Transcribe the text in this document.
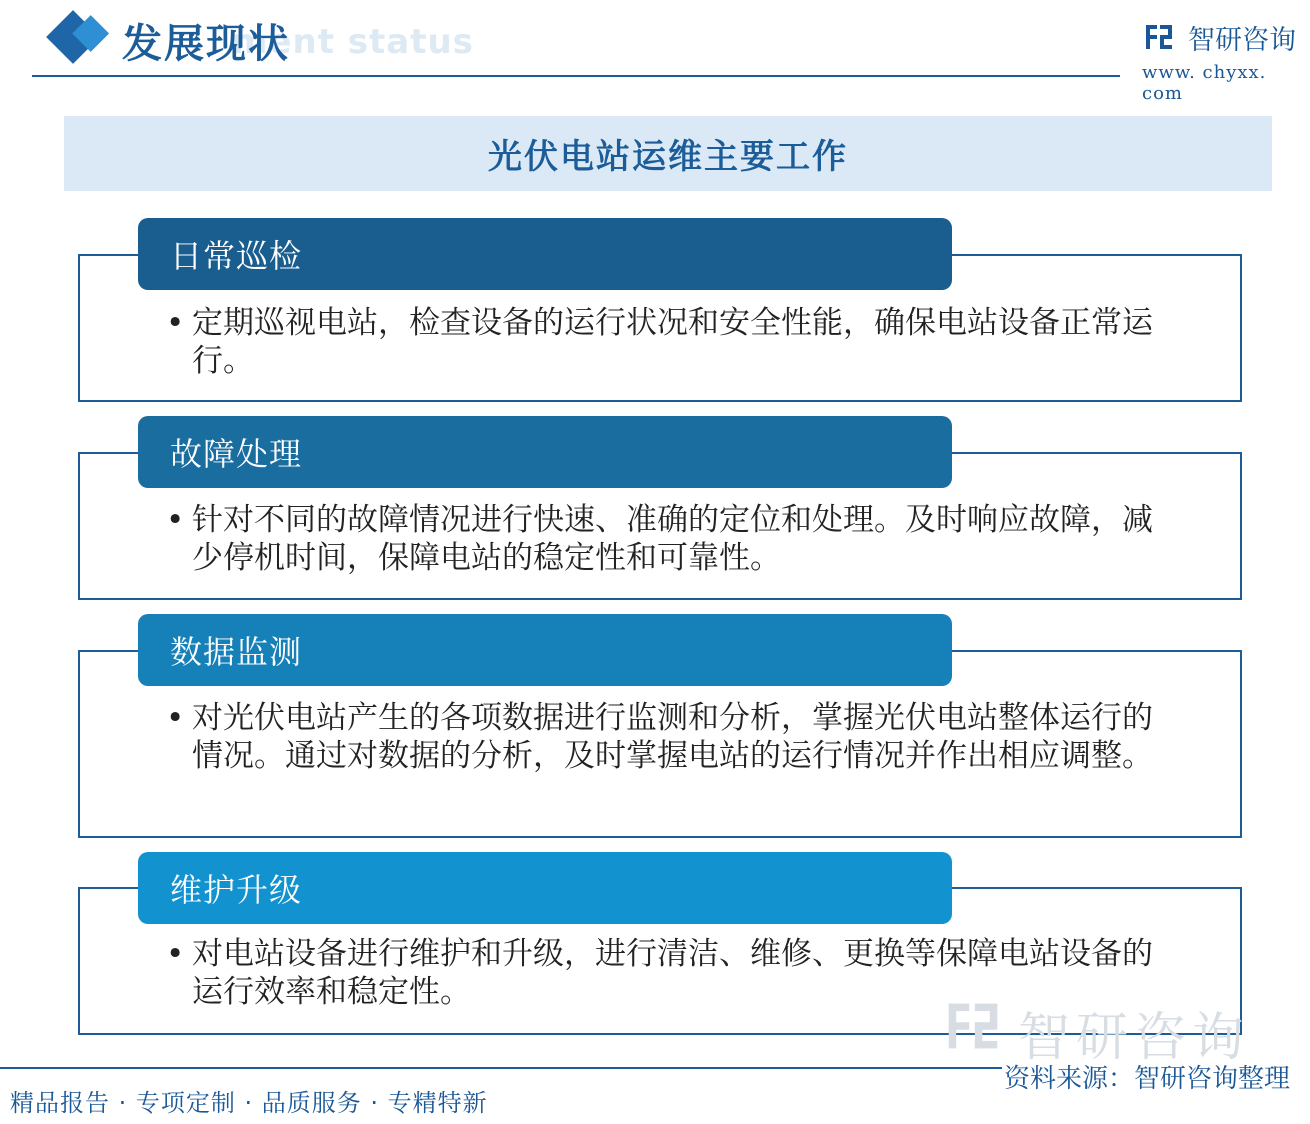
ment status
发展现状	智研咨询
www. chyxx. com
光伏电站运维主要工作
日常巡检
• 定期巡视电站，检查设备的运行状况和安全性能，确保电站设备正常运行。
故障处理
• 针对不同的故障情况进行快速、准确的定位和处理。及时响应故障，减少停机时间，保障电站的稳定性和可靠性。
数据监测
• 对光伏电站产生的各项数据进行监测和分析，掌握光伏电站整体运行的情况。通过对数据的分析，及时掌握电站的运行情况并作出相应调整。
维护升级
• 对电站设备进行维护和升级，进行清洁、维修、更换等保障电站设备的运行效率和稳定性。
智研咨询
资料来源：智研咨询整理
精品报告 · 专项定制 · 品质服务 · 专精特新
